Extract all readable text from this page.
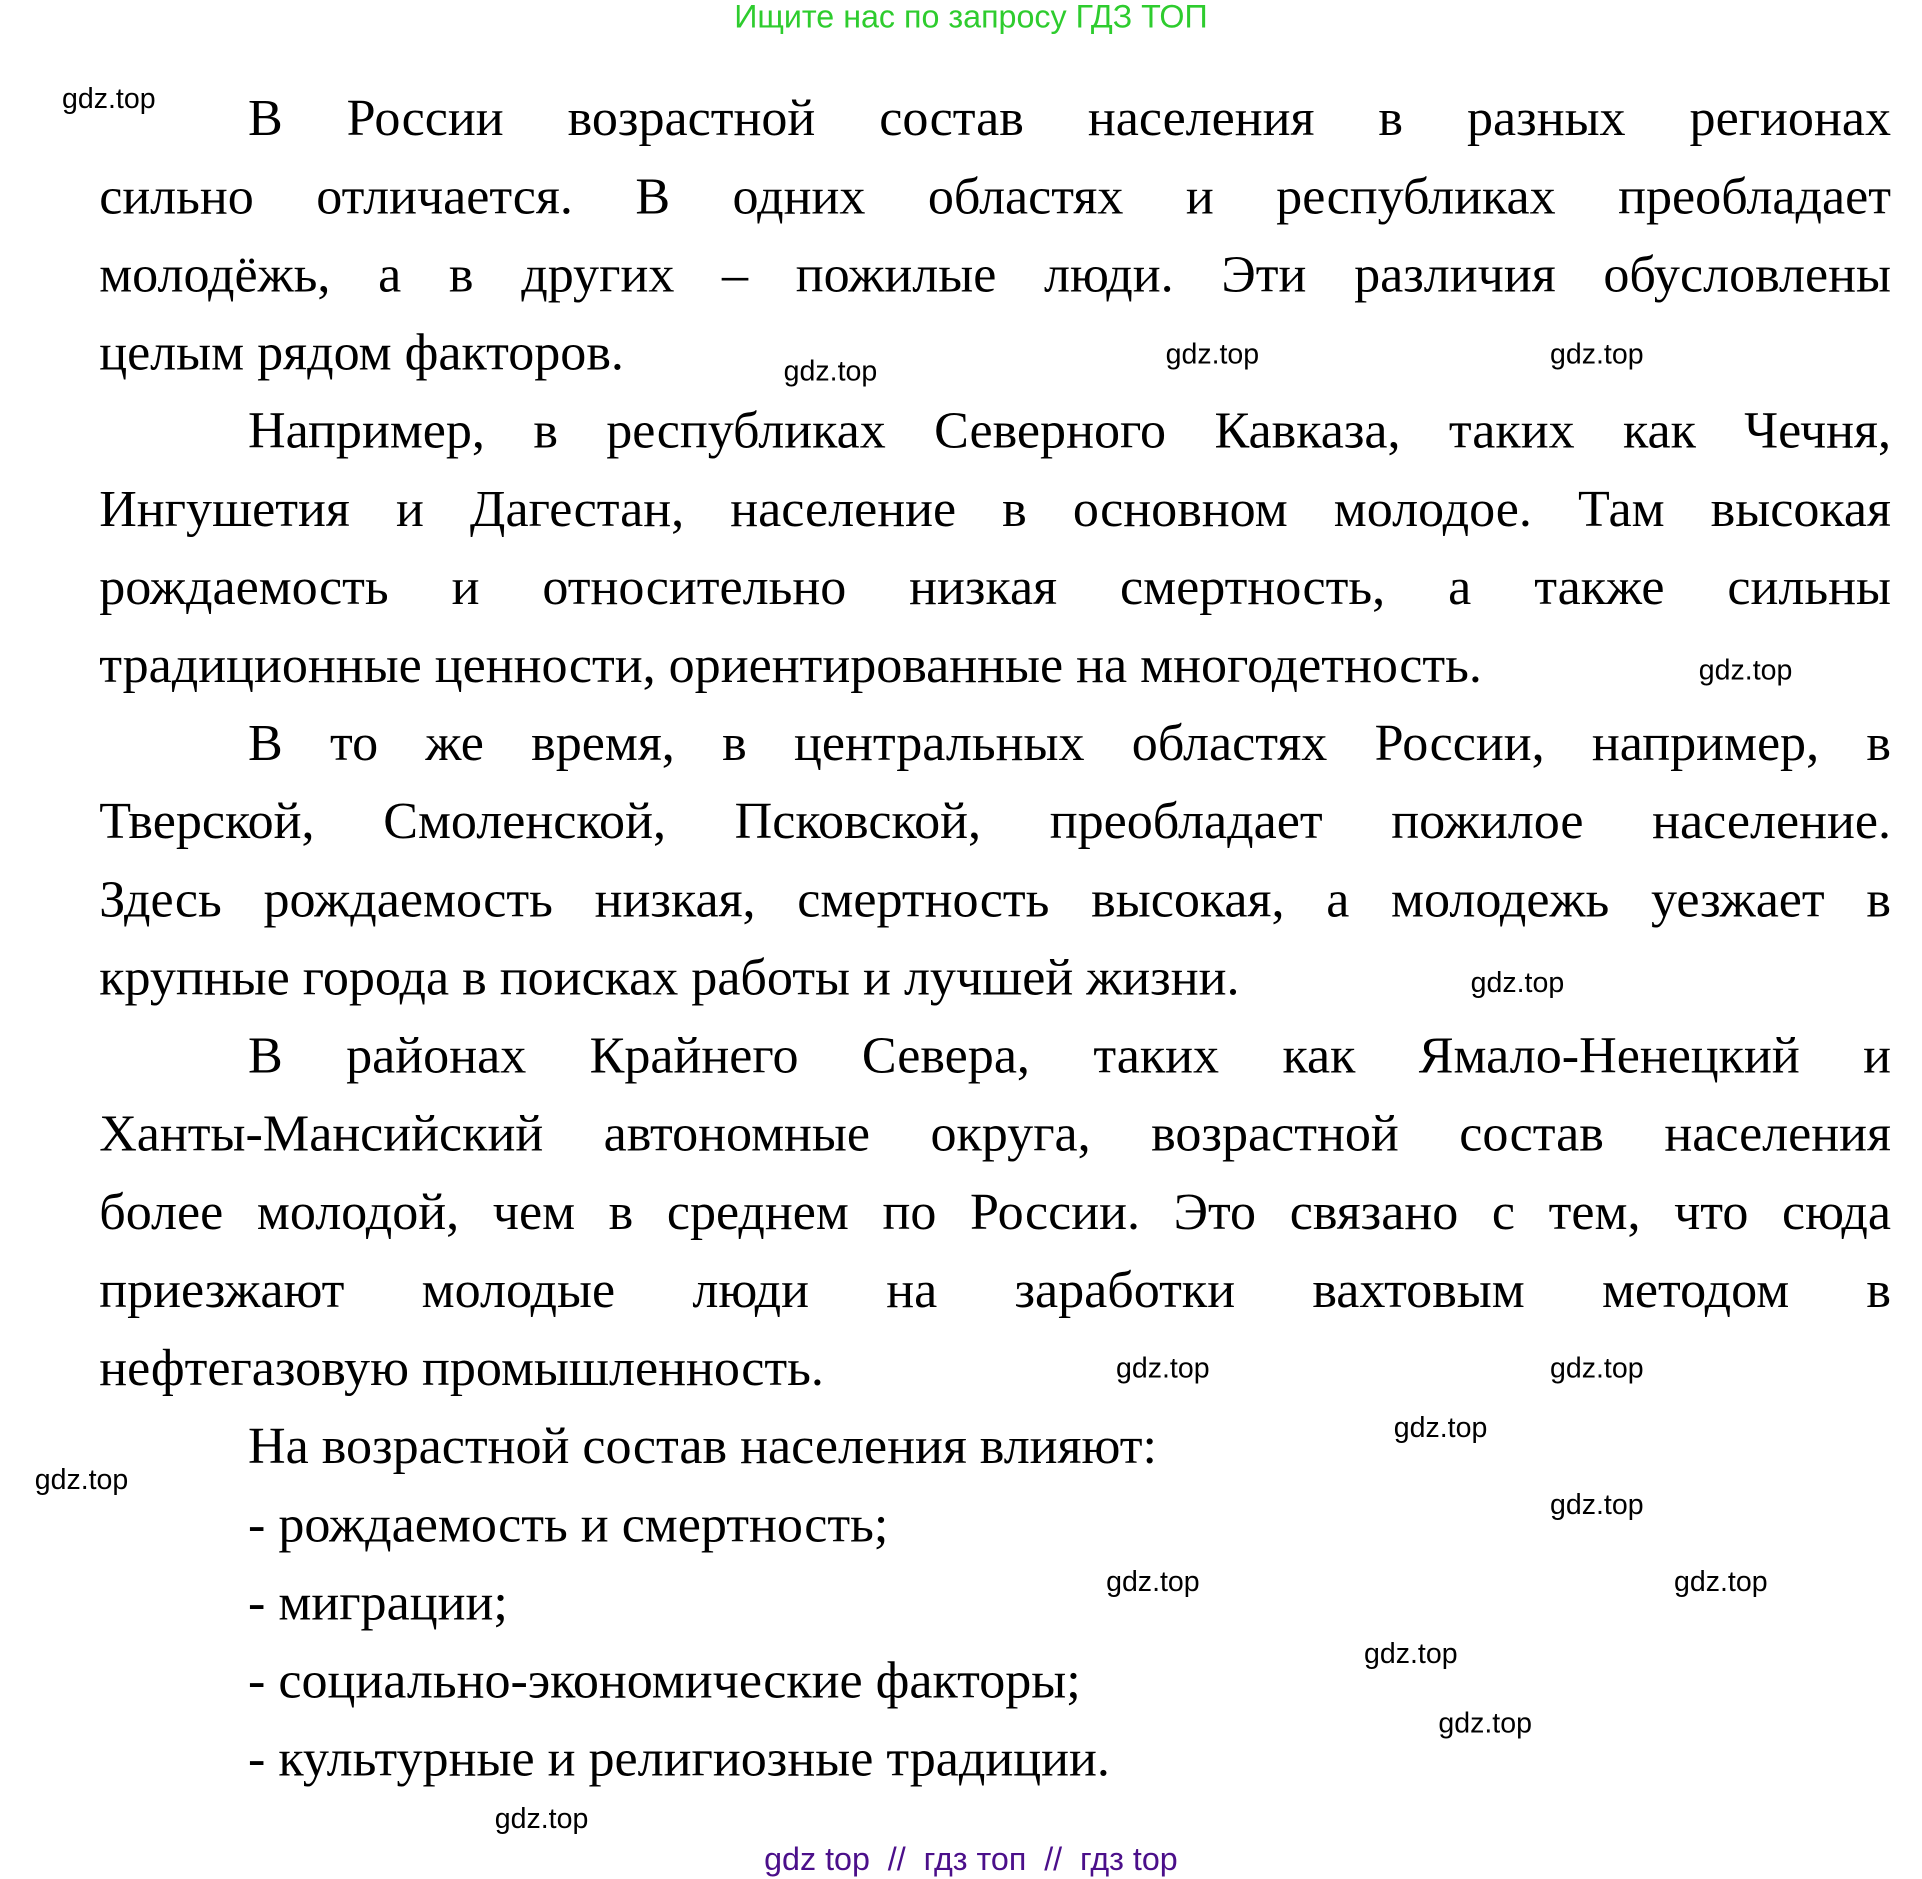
Ищите нас по запросу ГДЗ ТОП
В России возрастной состав населения в разных регионах
сильно отличается. В одних областях и республиках преобладает
молодёжь, а в других – пожилые люди. Эти различия обусловлены
целым рядом факторов.
Например, в республиках Северного Кавказа, таких как Чечня,
Ингушетия и Дагестан, население в основном молодое. Там высокая
рождаемость и относительно низкая смертность, а также сильны
традиционные ценности, ориентированные на многодетность.
В то же время, в центральных областях России, например, в
Тверской, Смоленской, Псковской, преобладает пожилое население.
Здесь рождаемость низкая, смертность высокая, а молодежь уезжает в
крупные города в поисках работы и лучшей жизни.
В районах Крайнего Севера, таких как Ямало-Ненецкий и
Ханты-Мансийский автономные округа, возрастной состав населения
более молодой, чем в среднем по России. Это связано с тем, что сюда
приезжают молодые люди на заработки вахтовым методом в
нефтегазовую промышленность.
На возрастной состав населения влияют:
- рождаемость и смертность;
- миграции;
- социально-экономические факторы;
- культурные и религиозные традиции.
gdz.top
gdz.top
gdz.top
gdz.top
gdz.top
gdz.top	gdz.top
gdz.top
gdz.top
gdz.top
gdz.top
gdz.top
gdz.top
gdz.top
gdz.top
gdz.top
gdz top  //  гдз топ  //  гдз top
